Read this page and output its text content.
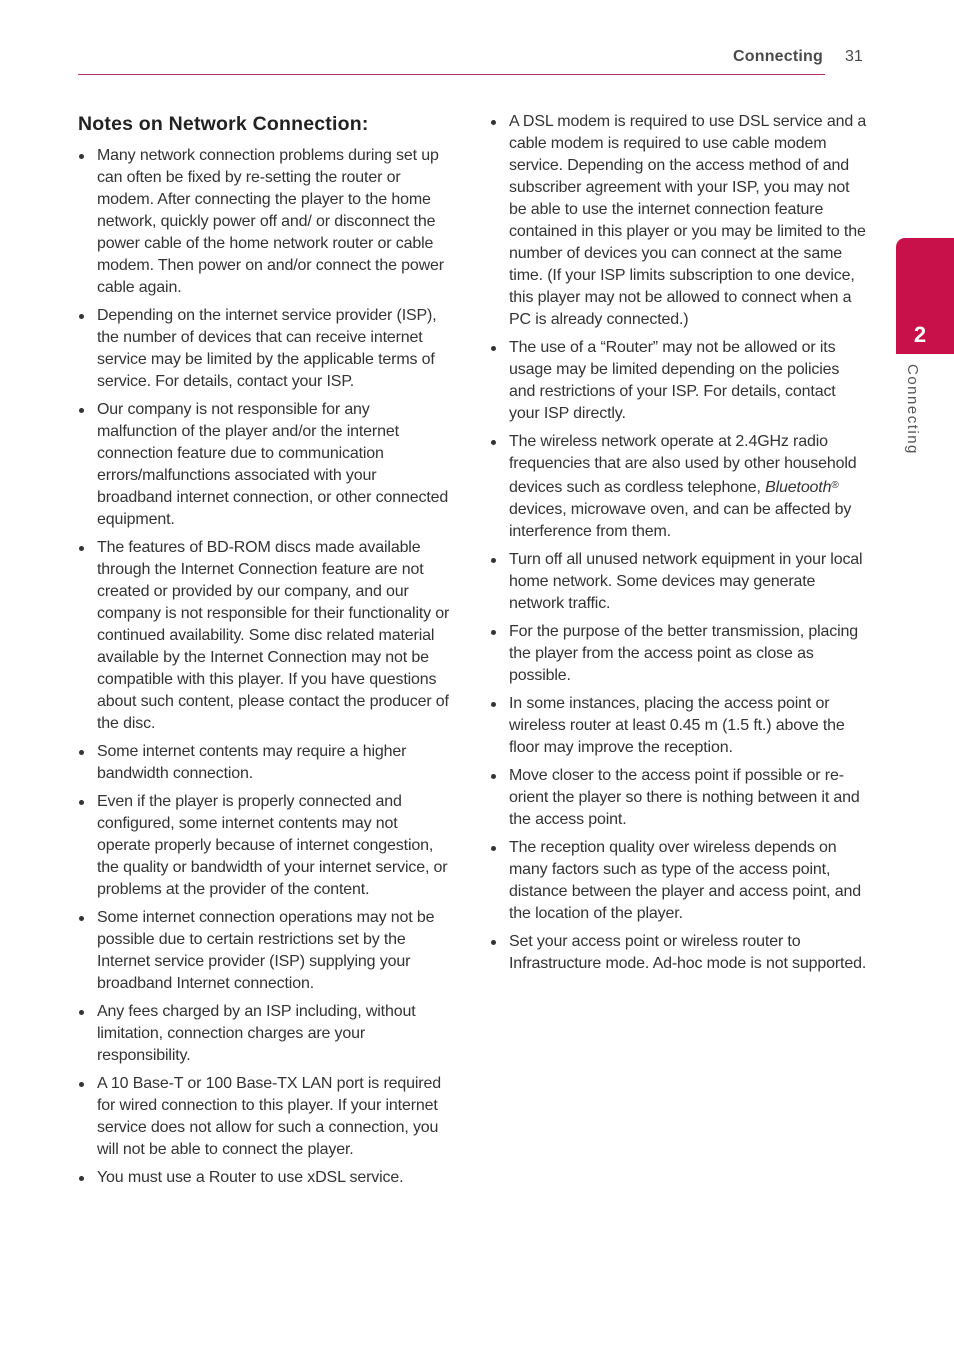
Connecting 31
2
Connecting
Notes on Network Connection:
Many network connection problems during set up can often be fixed by re-setting the router or modem. After connecting the player to the home network, quickly power off and/ or disconnect the power cable of the home network router or cable modem. Then power on and/or connect the power cable again.
Depending on the internet service provider (ISP), the number of devices that can receive internet service may be limited by the applicable terms of service. For details, contact your ISP.
Our company is not responsible for any malfunction of the player and/or the internet connection feature due to communication errors/malfunctions associated with your broadband internet connection, or other connected equipment.
The features of BD-ROM discs made available through the Internet Connection feature are not created or provided by our company, and our company is not responsible for their functionality or continued availability. Some disc related material available by the Internet Connection may not be compatible with this player. If you have questions about such content, please contact the producer of the disc.
Some internet contents may require a higher bandwidth connection.
Even if the player is properly connected and configured, some internet contents may not operate properly because of internet congestion, the quality or bandwidth of your internet service, or problems at the provider of the content.
Some internet connection operations may not be possible due to certain restrictions set by the Internet service provider (ISP) supplying your broadband Internet connection.
Any fees charged by an ISP including, without limitation, connection charges are your responsibility.
A 10 Base-T or 100 Base-TX LAN port is required for wired connection to this player. If your internet service does not allow for such a connection, you will not be able to connect the player.
You must use a Router to use xDSL service.
A DSL modem is required to use DSL service and a cable modem is required to use cable modem service. Depending on the access method of and subscriber agreement with your ISP, you may not be able to use the internet connection feature contained in this player or you may be limited to the number of devices you can connect at the same time. (If your ISP limits subscription to one device, this player may not be allowed to connect when a PC is already connected.)
The use of a “Router” may not be allowed or its usage may be limited depending on the policies and restrictions of your ISP. For details, contact your ISP directly.
The wireless network operate at 2.4GHz radio frequencies that are also used by other household devices such as cordless telephone, Bluetooth® devices, microwave oven, and can be affected by interference from them.
Turn off all unused network equipment in your local home network. Some devices may generate network traffic.
For the purpose of the better transmission, placing the player from the access point as close as possible.
In some instances, placing the access point or wireless router at least 0.45 m (1.5 ft.) above the floor may improve the reception.
Move closer to the access point if possible or re-orient the player so there is nothing between it and the access point.
The reception quality over wireless depends on many factors such as type of the access point, distance between the player and access point, and the location of the player.
Set your access point or wireless router to Infrastructure mode. Ad-hoc mode is not supported.
